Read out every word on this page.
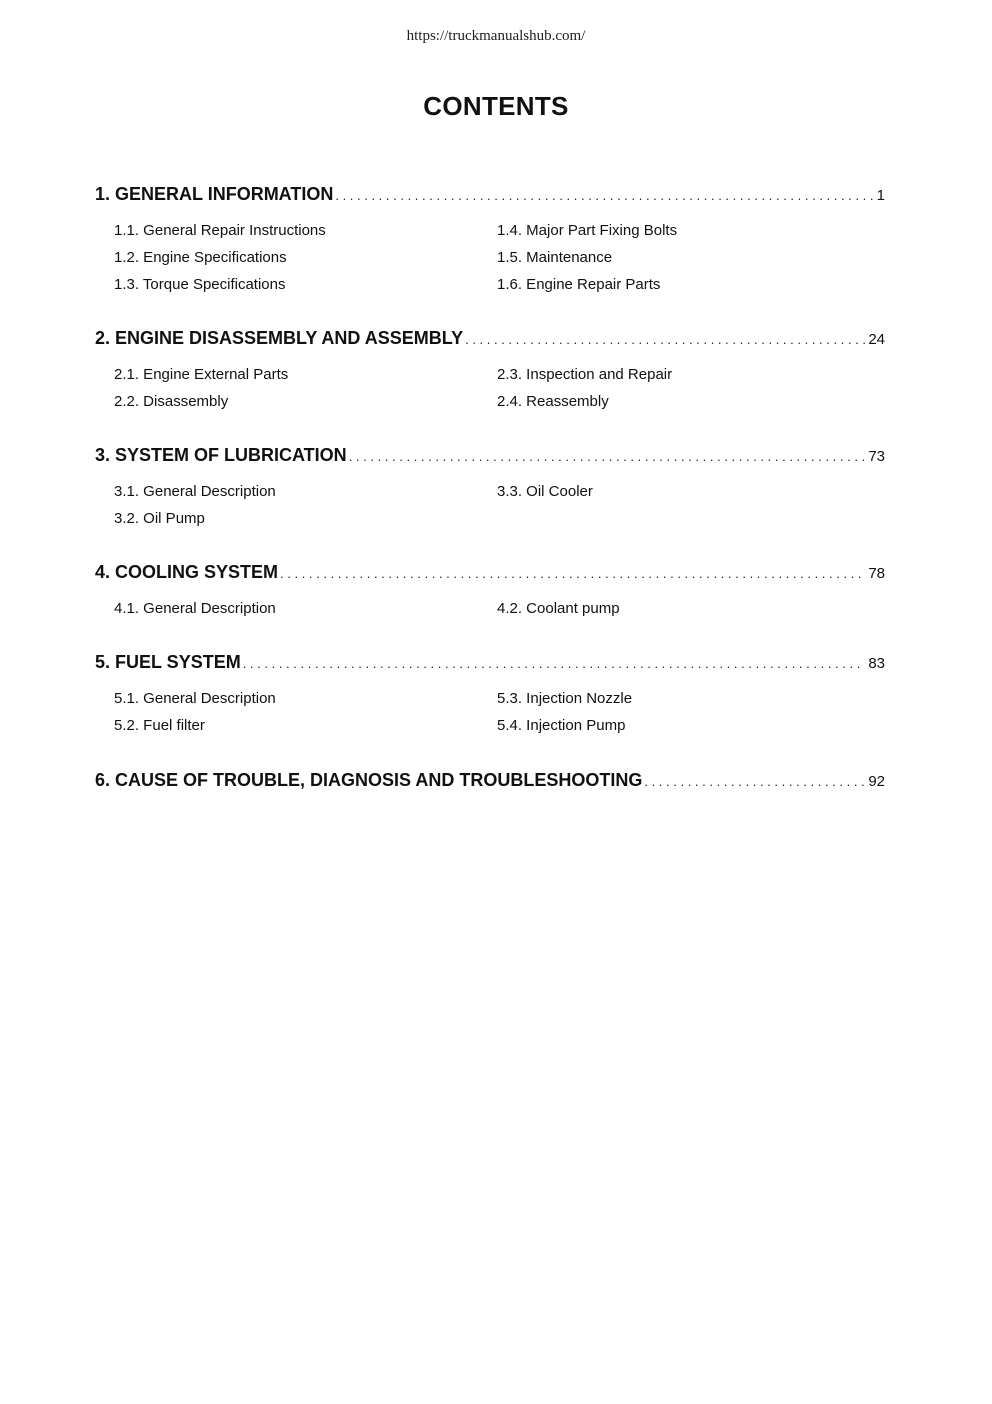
https://truckmanualshub.com/
CONTENTS
1. GENERAL INFORMATION . . .	1
1.1. General Repair Instructions	1.4. Major Part Fixing Bolts
1.2. Engine Specifications	1.5. Maintenance
1.3. Torque Specifications	1.6. Engine Repair Parts
2. ENGINE DISASSEMBLY AND ASSEMBLY . . .	24
2.1. Engine External Parts	2.3. Inspection and Repair
2.2. Disassembly	2.4. Reassembly
3. SYSTEM OF LUBRICATION . . .	73
3.1. General Description	3.3. Oil Cooler
3.2. Oil Pump
4. COOLING SYSTEM . . .	78
4.1. General Description	4.2. Coolant pump
5. FUEL SYSTEM . . .	83
5.1. General Description	5.3. Injection Nozzle
5.2. Fuel filter	5.4. Injection Pump
6. CAUSE OF TROUBLE, DIAGNOSIS AND TROUBLESHOOTING . . .	92
